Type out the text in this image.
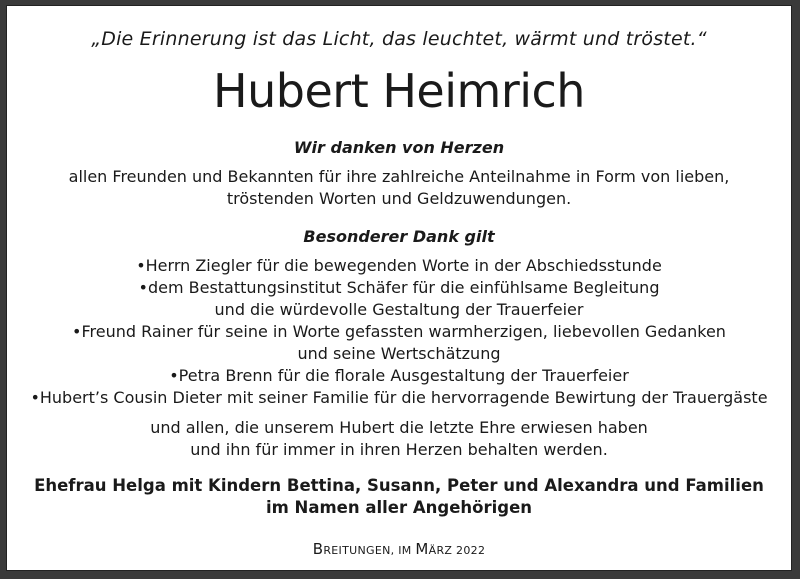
„Die Erinnerung ist das Licht, das leuchtet, wärmt und tröstet.“
Hubert Heimrich
Wir danken von Herzen
allen Freunden und Bekannten für ihre zahlreiche Anteilnahme in Form von lieben,
tröstenden Worten und Geldzuwendungen.
Besonderer Dank gilt
•Herrn Ziegler für die bewegenden Worte in der Abschiedsstunde
•dem Bestattungsinstitut Schäfer für die einfühlsame Begleitung
und die würdevolle Gestaltung der Trauerfeier
•Freund Rainer für seine in Worte gefassten warmherzigen, liebevollen Gedanken
und seine Wertschätzung
•Petra Brenn für die florale Ausgestaltung der Trauerfeier
•Hubert’s Cousin Dieter mit seiner Familie für die hervorragende Bewirtung der Trauergäste
und allen, die unserem Hubert die letzte Ehre erwiesen haben
und ihn für immer in ihren Herzen behalten werden.
Ehefrau Helga mit Kindern Bettina, Susann, Peter und Alexandra und Familien
im Namen aller Angehörigen
BREITUNGEN, IM MÄRZ 2022
